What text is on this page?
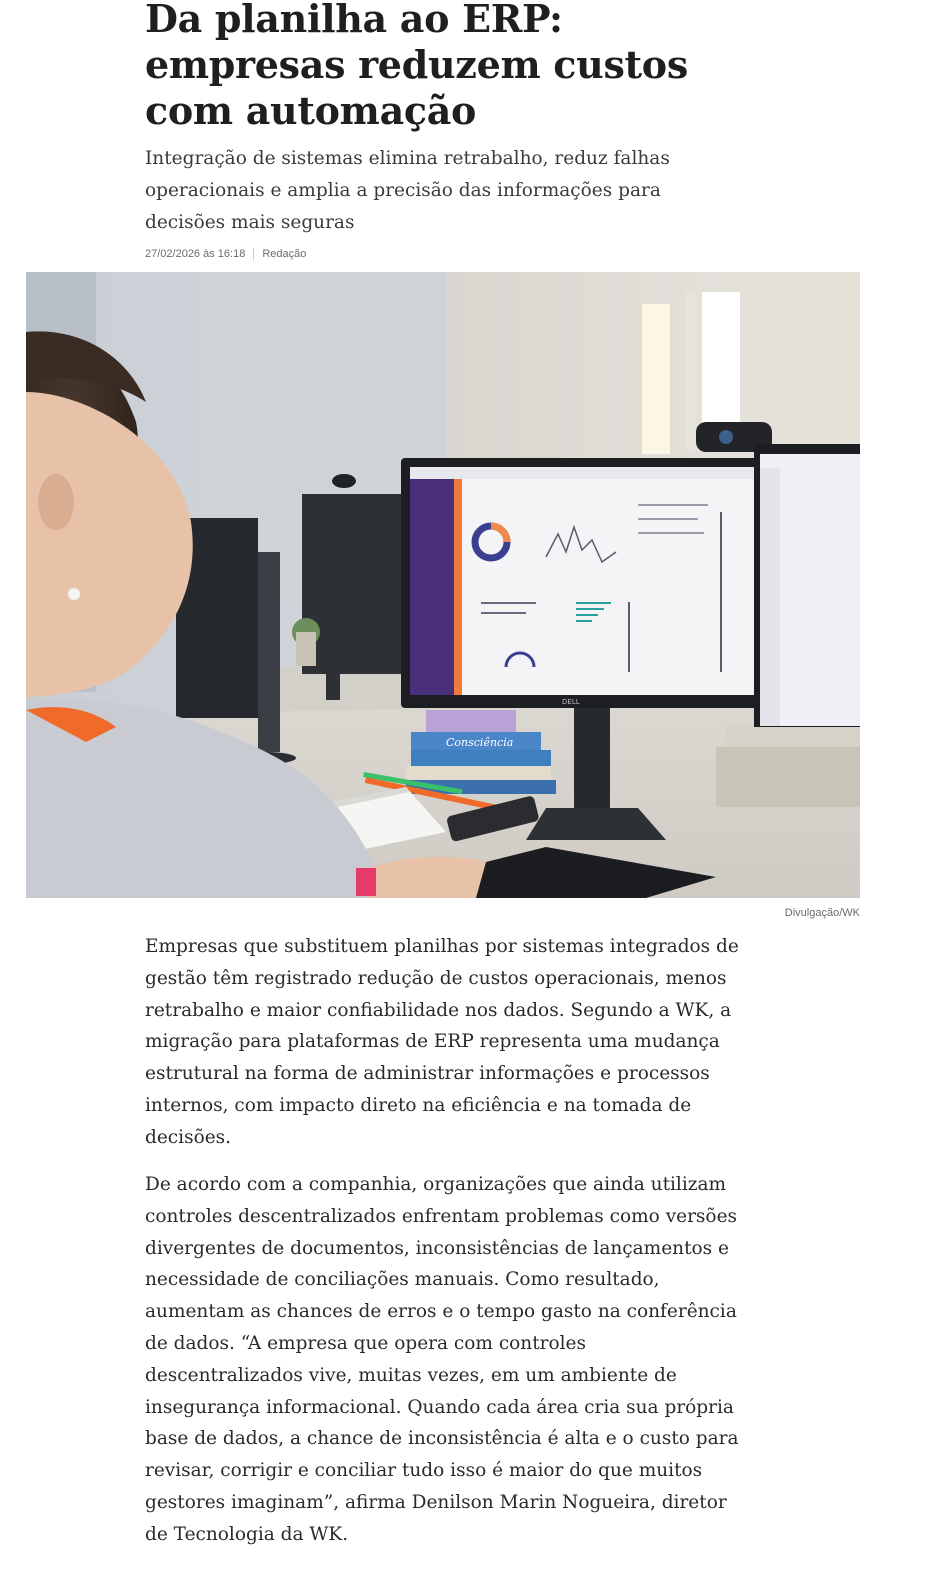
Da planilha ao ERP: empresas reduzem custos com automação

Integração de sistemas elimina retrabalho, reduz falhas operacionais e amplia a precisão das informações para decisões mais seguras

27/02/2026 às 16:18 Redação
DELL
Consciência
Divulgação/WK

Empresas que substituem planilhas por sistemas integrados de gestão têm registrado redução de custos operacionais, menos retrabalho e maior confiabilidade nos dados. Segundo a WK, a migração para plataformas de ERP representa uma mudança estrutural na forma de administrar informações e processos internos, com impacto direto na eficiência e na tomada de decisões.

De acordo com a companhia, organizações que ainda utilizam controles descentralizados enfrentam problemas como versões divergentes de documentos, inconsistências de lançamentos e necessidade de conciliações manuais. Como resultado, aumentam as chances de erros e o tempo gasto na conferência de dados. “A empresa que opera com controles descentralizados vive, muitas vezes, em um ambiente de insegurança informacional. Quando cada área cria sua própria base de dados, a chance de inconsistência é alta e o custo para revisar, corrigir e conciliar tudo isso é maior do que muitos gestores imaginam”, afirma Denilson Marin Nogueira, diretor de Tecnologia da WK.
